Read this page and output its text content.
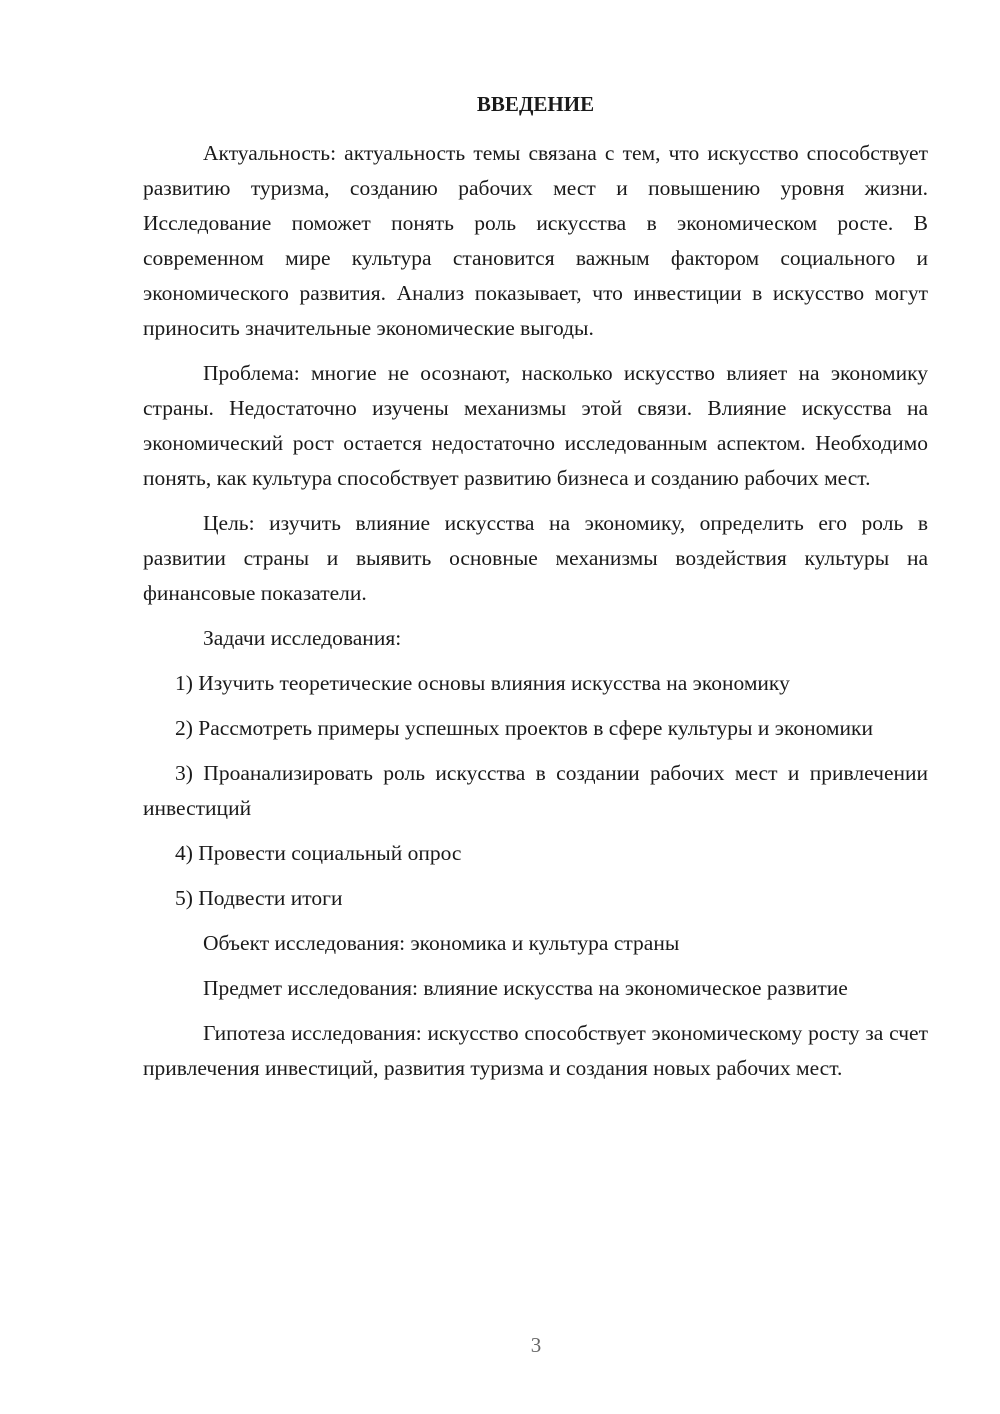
ВВЕДЕНИЕ

Актуальность: актуальность темы связана с тем, что искусство способствует развитию туризма, созданию рабочих мест и повышению уровня жизни. Исследование поможет понять роль искусства в экономическом росте. В современном мире культура становится важным фактором социального и экономического развития. Анализ показывает, что инвестиции в искусство могут приносить значительные экономические выгоды.

Проблема: многие не осознают, насколько искусство влияет на экономику страны. Недостаточно изучены механизмы этой связи. Влияние искусства на экономический рост остается недостаточно исследованным аспектом. Необходимо понять, как культура способствует развитию бизнеса и созданию рабочих мест.

Цель: изучить влияние искусства на экономику, определить его роль в развитии страны и выявить основные механизмы воздействия культуры на финансовые показатели.

Задачи исследования:

1) Изучить теоретические основы влияния искусства на экономику

2) Рассмотреть примеры успешных проектов в сфере культуры и экономики

3) Проанализировать роль искусства в создании рабочих мест и привлечении инвестиций

4) Провести социальный опрос

5) Подвести итоги

Объект исследования: экономика и культура страны

Предмет исследования: влияние искусства на экономическое развитие

Гипотеза исследования: искусство способствует экономическому росту за счет привлечения инвестиций, развития туризма и создания новых рабочих мест.

3
